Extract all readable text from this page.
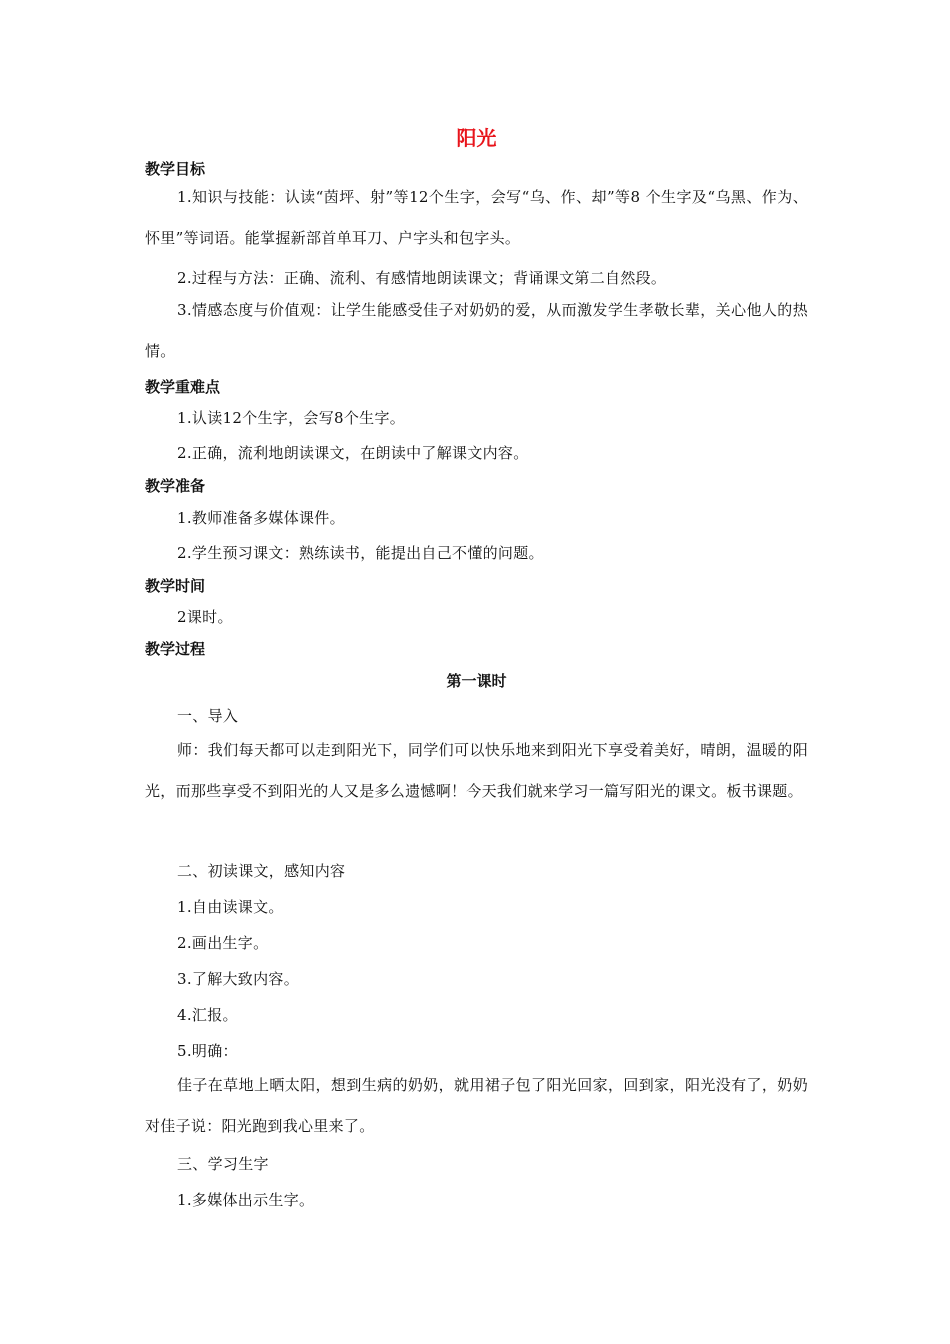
阳光
教学目标
1.知识与技能：认读“茵坪、射”等12个生字，会写“乌、作、却”等8 个生字及“乌黑、作为、怀里”等词语。能掌握新部首单耳刀、户字头和包字头。
2.过程与方法：正确、流利、有感情地朗读课文；背诵课文第二自然段。
3.情感态度与价值观：让学生能感受佳子对奶奶的爱，从而激发学生孝敬长辈，关心他人的热情。
教学重难点
1.认读12个生字，会写8个生字。
2.正确，流利地朗读课文，在朗读中了解课文内容。
教学准备
1.教师准备多媒体课件。
2.学生预习课文：熟练读书，能提出自己不懂的问题。
教学时间
2课时。
教学过程
第一课时
一、导入
师：我们每天都可以走到阳光下，同学们可以快乐地来到阳光下享受着美好，晴朗，温暖的阳光，而那些享受不到阳光的人又是多么遗憾啊！今天我们就来学习一篇写阳光的课文。板书课题。
二、初读课文，感知内容
1.自由读课文。
2.画出生字。
3.了解大致内容。
4.汇报。
5.明确：
佳子在草地上晒太阳，想到生病的奶奶，就用裙子包了阳光回家，回到家，阳光没有了，奶奶对佳子说：阳光跑到我心里来了。
三、学习生字
1.多媒体出示生字。
